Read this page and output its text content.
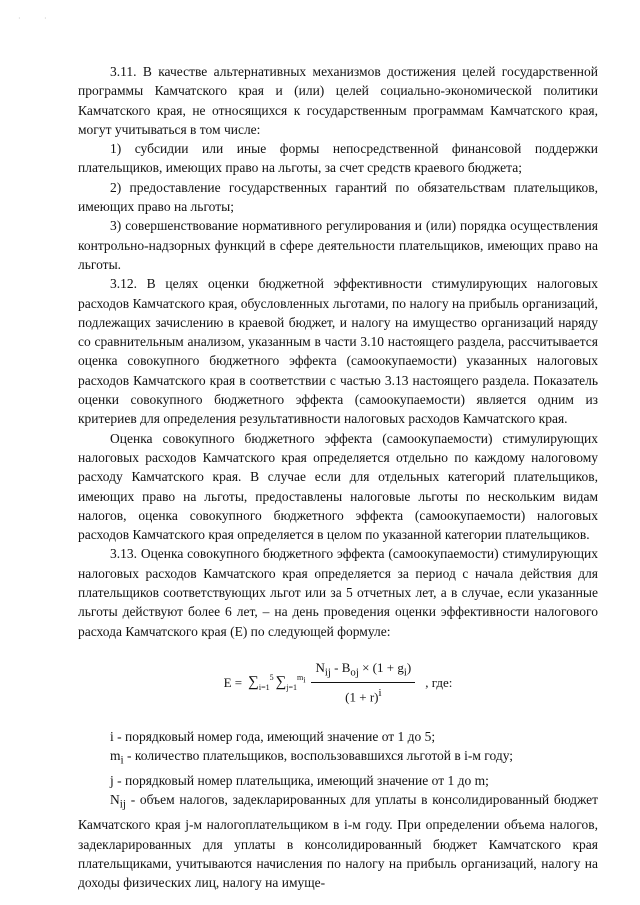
·	·

3.11. В качестве альтернативных механизмов достижения целей государственной программы Камчатского края и (или) целей социально-экономической политики Камчатского края, не относящихся к государственным программам Камчатского края, могут учитываться в том числе:

1) субсидии или иные формы непосредственной финансовой поддержки плательщиков, имеющих право на льготы, за счет средств краевого бюджета;

2) предоставление государственных гарантий по обязательствам плательщиков, имеющих право на льготы;

3) совершенствование нормативного регулирования и (или) порядка осуществления контрольно-надзорных функций в сфере деятельности плательщиков, имеющих право на льготы.

3.12. В целях оценки бюджетной эффективности стимулирующих налоговых расходов Камчатского края, обусловленных льготами, по налогу на прибыль организаций, подлежащих зачислению в краевой бюджет, и налогу на имущество организаций наряду со сравнительным анализом, указанным в части 3.10 настоящего раздела, рассчитывается оценка совокупного бюджетного эффекта (самоокупаемости) указанных налоговых расходов Камчатского края в соответствии с частью 3.13 настоящего раздела. Показатель оценки совокупного бюджетного эффекта (самоокупаемости) является одним из критериев для определения результативности налоговых расходов Камчатского края.

Оценка совокупного бюджетного эффекта (самоокупаемости) стимулирующих налоговых расходов Камчатского края определяется отдельно по каждому налоговому расходу Камчатского края. В случае если для отдельных категорий плательщиков, имеющих право на льготы, предоставлены налоговые льготы по нескольким видам налогов, оценка совокупного бюджетного эффекта (самоокупаемости) налоговых расходов Камчатского края определяется в целом по указанной категории плательщиков.

3.13. Оценка совокупного бюджетного эффекта (самоокупаемости) стимулирующих налоговых расходов Камчатского края определяется за период с начала действия для плательщиков соответствующих льгот или за 5 отчетных лет, а в случае, если указанные льготы действуют более 6 лет, – на день проведения оценки эффективности налогового расхода Камчатского края (E) по следующей формуле:

$E = \sum_{i=1}^5$ $\sum_{j=1}^{m_i} \frac{N_{ij} - B_{oj} \times (1 + g_i)}{(1 + r)^i}$ , где:

i - порядковый номер года, имеющий значение от 1 до 5;

$m_i$ - количество плательщиков, воспользовавшихся льготой в i-м году;

j - порядковый номер плательщика, имеющий значение от 1 до m;

$N_{ij}$ - объем налогов, задекларированных для уплаты в консолидированный бюджет Камчатского края j-м налогоплательщиком в i-м году. При определении объема налогов, задекларированных для уплаты в консолидированный бюджет Камчатского края плательщиками, учитываются начисления по налогу на прибыль организаций, налогу на доходы физических лиц, налогу на имуще-
